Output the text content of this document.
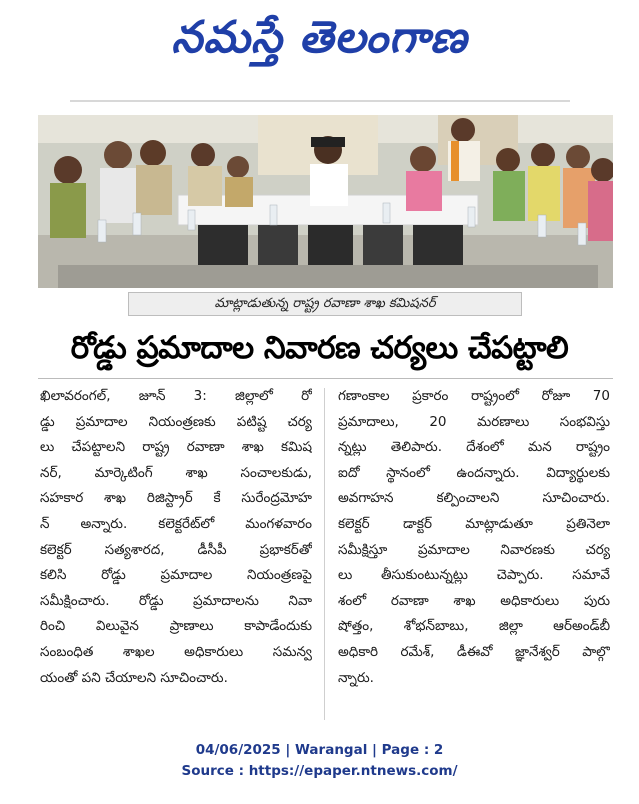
నమస్తే తెలంగాణ
మాట్లాడుతున్న రాష్ట్ర రవాణా శాఖ కమిషనర్
రోడ్డు ప్రమాదాల నివారణ చర్యలు చేపట్టాలి
ఖిలావరంగల్‌, జూన్‌ 3: జిల్లాలో రో
డ్డు ప్రమాదాల నియంత్రణకు పటిష్ట చర్య
లు చేపట్టాలని రాష్ట్ర రవాణా శాఖ కమిష
నర్‌, మార్కెటింగ్‌ శాఖ సంచాలకుడు,
సహకార శాఖ రిజిస్ట్రార్‌ కే సురేంద్రమోహ
న్‌ అన్నారు. కలెక్టరేట్‌లో మంగళవారం
కలెక్టర్‌ సత్యశారద, డీసీపీ ప్రభాకర్‌తో
కలిసి రోడ్డు ప్రమాదాల నియంత్రణపై
సమీక్షించారు. రోడ్డు ప్రమాదాలను నివా
రించి విలువైన ప్రాణాలు కాపాడేందుకు
సంబంధిత శాఖల అధికారులు సమన్వ
యంతో పని చేయాలని సూచించారు.
గణాంకాల ప్రకారం రాష్ట్రంలో రోజూ 70
ప్రమాదాలు, 20 మరణాలు సంభవిస్తు
న్నట్లు తెలిపారు. దేశంలో మన రాష్ట్రం
ఐదో స్థానంలో ఉందన్నారు. విద్యార్థులకు
అవగాహన కల్పించాలని సూచించారు.
కలెక్టర్‌ డాక్టర్‌ మాట్లాడుతూ ప్రతినెలా
సమీక్షిస్తూ ప్రమాదాల నివారణకు చర్య
లు తీసుకుంటున్నట్లు చెప్పారు. సమావే
శంలో రవాణా శాఖ అధికారులు పురు
షోత్తం, శోభన్‌బాబు, జిల్లా ఆర్‌అండ్‌బీ
అధికారి రమేశ్‌, డీఈవో జ్ఞానేశ్వర్‌ పాల్గొ
న్నారు.
04/06/2025 | Warangal | Page : 2
Source : https://epaper.ntnews.com/
